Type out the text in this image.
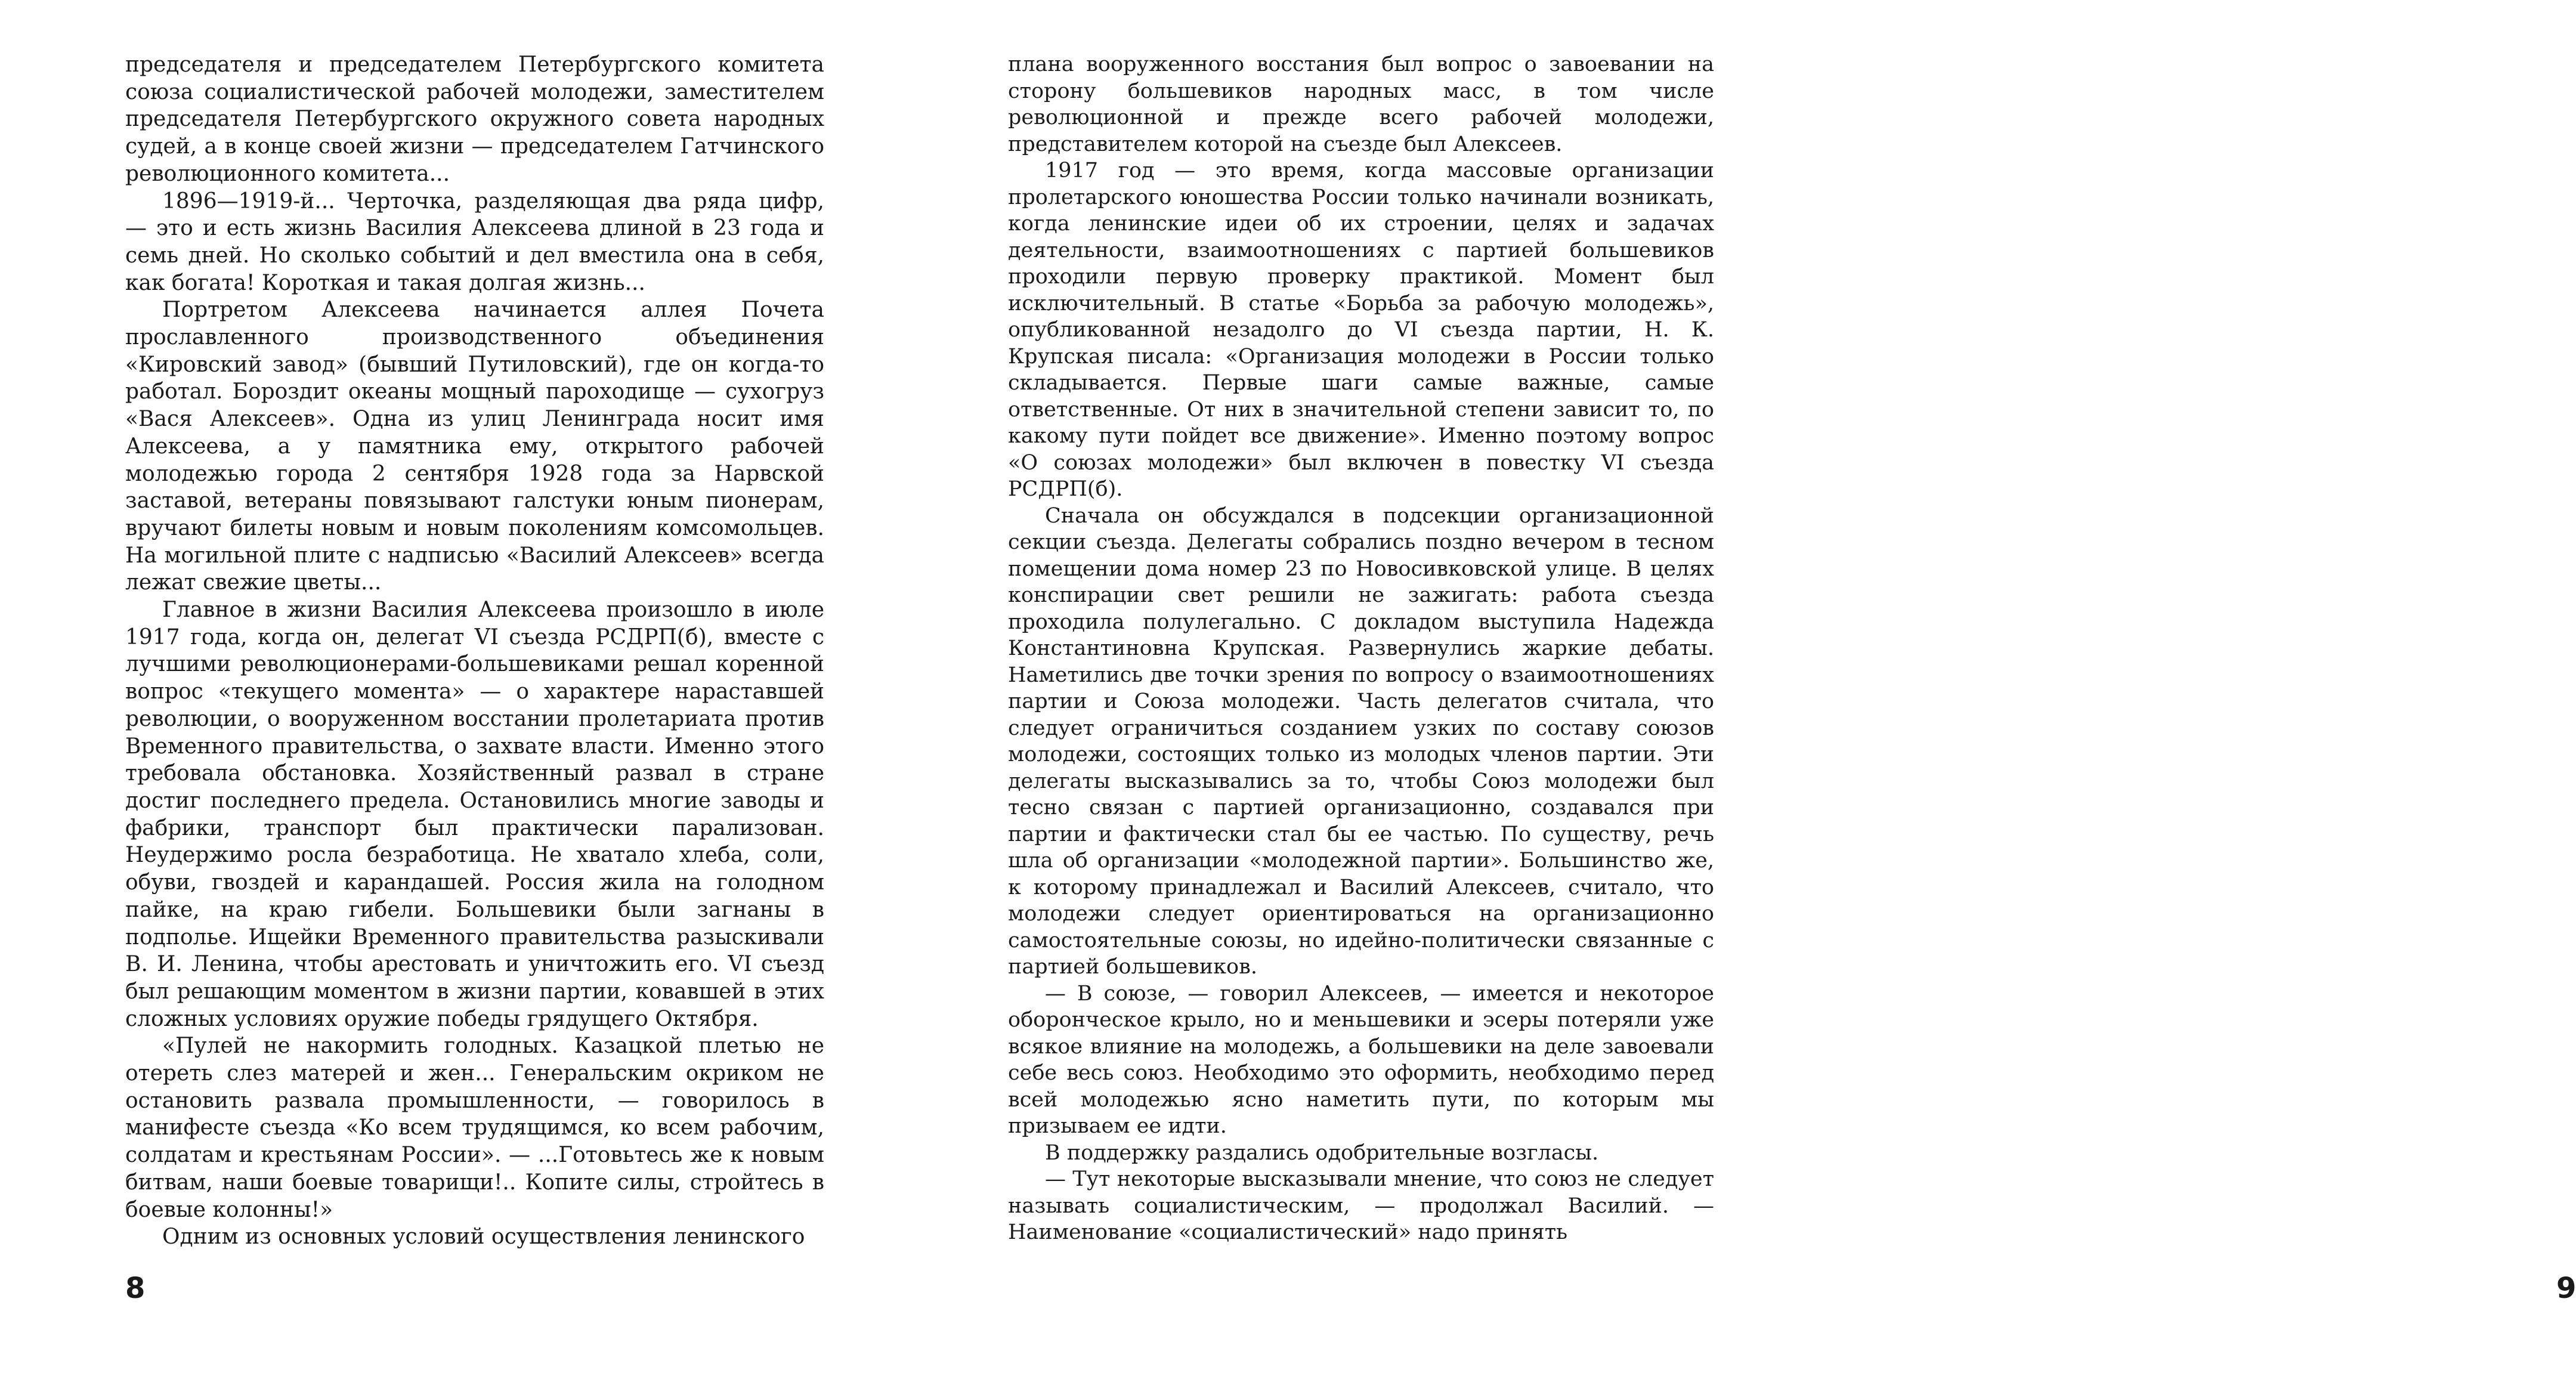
председателя и председателем Петербургского комитета союза социалистической рабочей молодежи, заместителем председателя Петербургского окружного совета народных судей, а в конце своей жизни — председателем Гатчинского революционного комитета...

1896—1919-й... Черточка, разделяющая два ряда цифр, — это и есть жизнь Василия Алексеева длиной в 23 года и семь дней. Но сколько событий и дел вместила она в себя, как богата! Короткая и такая долгая жизнь...

Портретом Алексеева начинается аллея Почета прославленного производственного объединения «Кировский завод» (бывший Путиловский), где он когда-то работал. Бороздит океаны мощный пароходище — сухогруз «Вася Алексеев». Одна из улиц Ленинграда носит имя Алексеева, а у памятника ему, открытого рабочей молодежью города 2 сентября 1928 года за Нарвской заставой, ветераны повязывают галстуки юным пионерам, вручают билеты новым и новым поколениям комсомольцев. На могильной плите с надписью «Василий Алексеев» всегда лежат свежие цветы...

Главное в жизни Василия Алексеева произошло в июле 1917 года, когда он, делегат VI съезда РСДРП(б), вместе с лучшими революционерами-большевиками решал коренной вопрос «текущего момента» — о характере нараставшей революции, о вооруженном восстании пролетариата против Временного правительства, о захвате власти. Именно этого требовала обстановка. Хозяйственный развал в стране достиг последнего предела. Остановились многие заводы и фабрики, транспорт был практически парализован. Неудержимо росла безработица. Не хватало хлеба, соли, обуви, гвоздей и карандашей. Россия жила на голодном пайке, на краю гибели. Большевики были загнаны в подполье. Ищейки Временного правительства разыскивали В. И. Ленина, чтобы арестовать и уничтожить его. VI съезд был решающим моментом в жизни партии, ковавшей в этих сложных условиях оружие победы грядущего Октября.

«Пулей не накормить голодных. Казацкой плетью не отереть слез матерей и жен... Генеральским окриком не остановить развала промышленности, — говорилось в манифесте съезда «Ко всем трудящимся, ко всем рабочим, солдатам и крестьянам России». — ...Готовьтесь же к новым битвам, наши боевые товарищи!.. Копите силы, стройтесь в боевые колонны!»

Одним из основных условий осуществления ленинского

8

плана вооруженного восстания был вопрос о завоевании на сторону большевиков народных масс, в том числе революционной и прежде всего рабочей молодежи, представителем которой на съезде был Алексеев.

1917 год — это время, когда массовые организации пролетарского юношества России только начинали возникать, когда ленинские идеи об их строении, целях и задачах деятельности, взаимоотношениях с партией большевиков проходили первую проверку практикой. Момент был исключительный. В статье «Борьба за рабочую молодежь», опубликованной незадолго до VI съезда партии, Н. К. Крупская писала: «Организация молодежи в России только складывается. Первые шаги самые важные, самые ответственные. От них в значительной степени зависит то, по какому пути пойдет все движение». Именно поэтому вопрос «О союзах молодежи» был включен в повестку VI съезда РСДРП(б).

Сначала он обсуждался в подсекции организационной секции съезда. Делегаты собрались поздно вечером в тесном помещении дома номер 23 по Новосивковской улице. В целях конспирации свет решили не зажигать: работа съезда проходила полулегально. С докладом выступила Надежда Константиновна Крупская. Развернулись жаркие дебаты. Наметились две точки зрения по вопросу о взаимоотношениях партии и Союза молодежи. Часть делегатов считала, что следует ограничиться созданием узких по составу союзов молодежи, состоящих только из молодых членов партии. Эти делегаты высказывались за то, чтобы Союз молодежи был тесно связан с партией организационно, создавался при партии и фактически стал бы ее частью. По существу, речь шла об организации «молодежной партии». Большинство же, к которому принадлежал и Василий Алексеев, считало, что молодежи следует ориентироваться на организационно самостоятельные союзы, но идейно-политически связанные с партией большевиков.

— В союзе, — говорил Алексеев, — имеется и некоторое оборонческое крыло, но и меньшевики и эсеры потеряли уже всякое влияние на молодежь, а большевики на деле завоевали себе весь союз. Необходимо это оформить, необходимо перед всей молодежью ясно наметить пути, по которым мы призываем ее идти.

В поддержку раздались одобрительные возгласы.

— Тут некоторые высказывали мнение, что союз не следует называть социалистическим, — продолжал Василий. — Наименование «социалистический» надо принять

9
